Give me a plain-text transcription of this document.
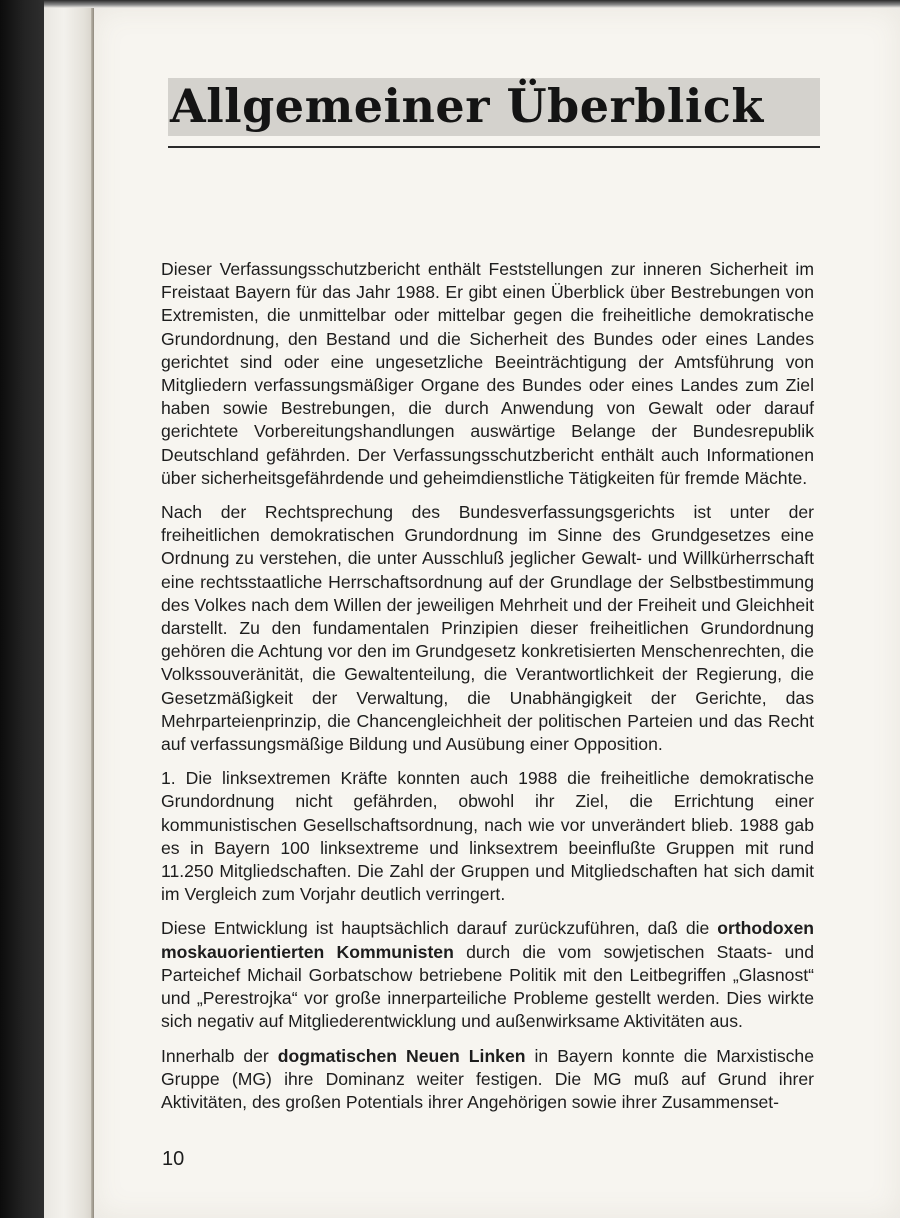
Allgemeiner Überblick

Dieser Verfassungsschutzbericht enthält Feststellungen zur inneren Sicherheit im Freistaat Bayern für das Jahr 1988. Er gibt einen Überblick über Bestrebungen von Extremisten, die unmittelbar oder mittelbar gegen die freiheitliche demokratische Grundordnung, den Bestand und die Sicherheit des Bundes oder eines Landes gerichtet sind oder eine ungesetzliche Beeinträchtigung der Amtsführung von Mitgliedern verfassungsmäßiger Organe des Bundes oder eines Landes zum Ziel haben sowie Bestrebungen, die durch Anwendung von Gewalt oder darauf gerichtete Vorbereitungshandlungen auswärtige Belange der Bundesrepublik Deutschland gefährden. Der Verfassungsschutzbericht enthält auch Informationen über sicherheitsgefährdende und geheimdienstliche Tätigkeiten für fremde Mächte.

Nach der Rechtsprechung des Bundesverfassungsgerichts ist unter der freiheitlichen demokratischen Grundordnung im Sinne des Grundgesetzes eine Ordnung zu verstehen, die unter Ausschluß jeglicher Gewalt- und Willkürherrschaft eine rechtsstaatliche Herrschaftsordnung auf der Grundlage der Selbstbestimmung des Volkes nach dem Willen der jeweiligen Mehrheit und der Freiheit und Gleichheit darstellt. Zu den fundamentalen Prinzipien dieser freiheitlichen Grundordnung gehören die Achtung vor den im Grundgesetz konkretisierten Menschenrechten, die Volkssouveränität, die Gewaltenteilung, die Verantwortlichkeit der Regierung, die Gesetzmäßigkeit der Verwaltung, die Unabhängigkeit der Gerichte, das Mehrparteienprinzip, die Chancengleichheit der politischen Parteien und das Recht auf verfassungsmäßige Bildung und Ausübung einer Opposition.

1. Die linksextremen Kräfte konnten auch 1988 die freiheitliche demokratische Grundordnung nicht gefährden, obwohl ihr Ziel, die Errichtung einer kommunistischen Gesellschaftsordnung, nach wie vor unverändert blieb. 1988 gab es in Bayern 100 linksextreme und linksextrem beeinflußte Gruppen mit rund 11.250 Mitgliedschaften. Die Zahl der Gruppen und Mitgliedschaften hat sich damit im Vergleich zum Vorjahr deutlich verringert.

Diese Entwicklung ist hauptsächlich darauf zurückzuführen, daß die orthodoxen moskauorientierten Kommunisten durch die vom sowjetischen Staats- und Parteichef Michail Gorbatschow betriebene Politik mit den Leitbegriffen „Glasnost“ und „Perestrojka“ vor große innerparteiliche Probleme gestellt werden. Dies wirkte sich negativ auf Mitgliederentwicklung und außenwirksame Aktivitäten aus.

Innerhalb der dogmatischen Neuen Linken in Bayern konnte die Marxistische Gruppe (MG) ihre Dominanz weiter festigen. Die MG muß auf Grund ihrer Aktivitäten, des großen Potentials ihrer Angehörigen sowie ihrer Zusammenset-

10
